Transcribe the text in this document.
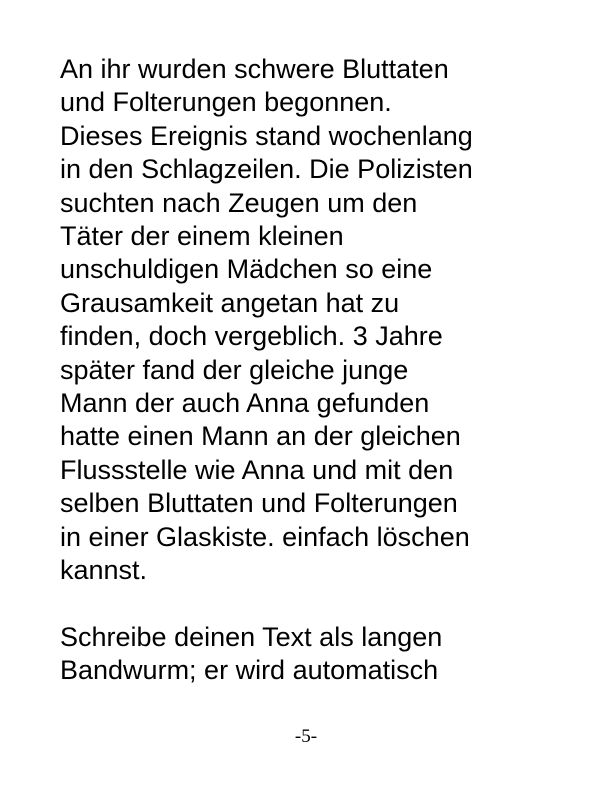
An ihr wurden schwere Bluttaten
und Folterungen begonnen.
Dieses Ereignis stand wochenlang
in den Schlagzeilen. Die Polizisten
suchten nach Zeugen um den
Täter der einem kleinen
unschuldigen Mädchen so eine
Grausamkeit angetan hat zu
finden, doch vergeblich. 3 Jahre
später fand der gleiche junge
Mann der auch Anna gefunden
hatte einen Mann an der gleichen
Flussstelle wie Anna und mit den
selben Bluttaten und Folterungen
in einer Glaskiste. einfach löschen
kannst.
Schreibe deinen Text als langen
Bandwurm; er wird automatisch
-5-
